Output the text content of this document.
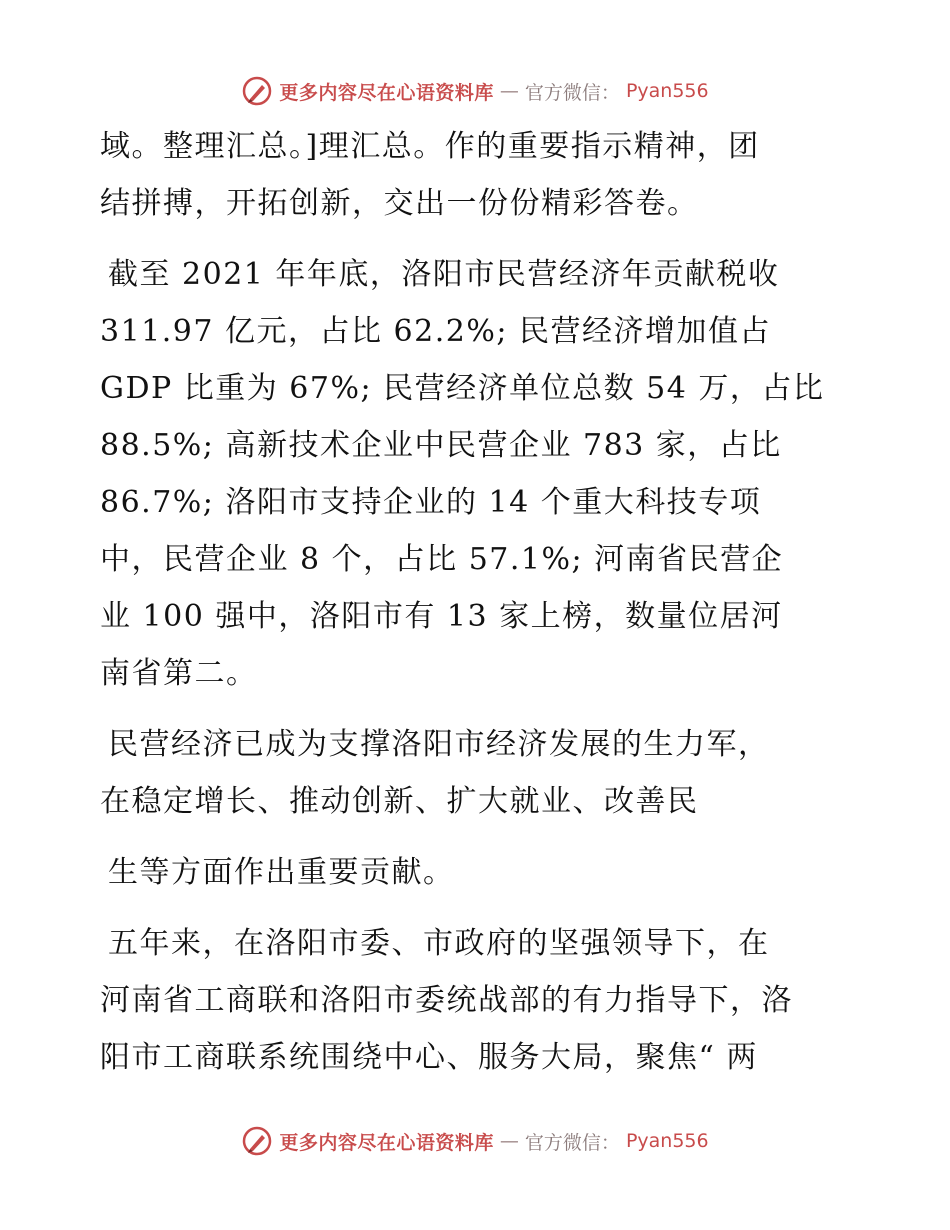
更多内容尽在心语资料库 — 官方微信： Pyan556
域。整理汇总。]理汇总。作的重要指示精神，团
结拼搏，开拓创新，交出一份份精彩答卷。
截至 2021 年年底，洛阳市民营经济年贡献税收
311.97 亿元，占比 62.2%; 民营经济增加值占
GDP 比重为 67%; 民营经济单位总数 54 万，占比
88.5%; 高新技术企业中民营企业 783 家，占比
86.7%; 洛阳市支持企业的 14 个重大科技专项
中，民营企业 8 个，占比 57.1%; 河南省民营企
业 100 强中，洛阳市有 13 家上榜，数量位居河
南省第二。
民营经济已成为支撑洛阳市经济发展的生力军，
在稳定增长、推动创新、扩大就业、改善民
生等方面作出重要贡献。
五年来，在洛阳市委、市政府的坚强领导下，在
河南省工商联和洛阳市委统战部的有力指导下，洛
阳市工商联系统围绕中心、服务大局，聚焦“ 两
更多内容尽在心语资料库 — 官方微信： Pyan556
